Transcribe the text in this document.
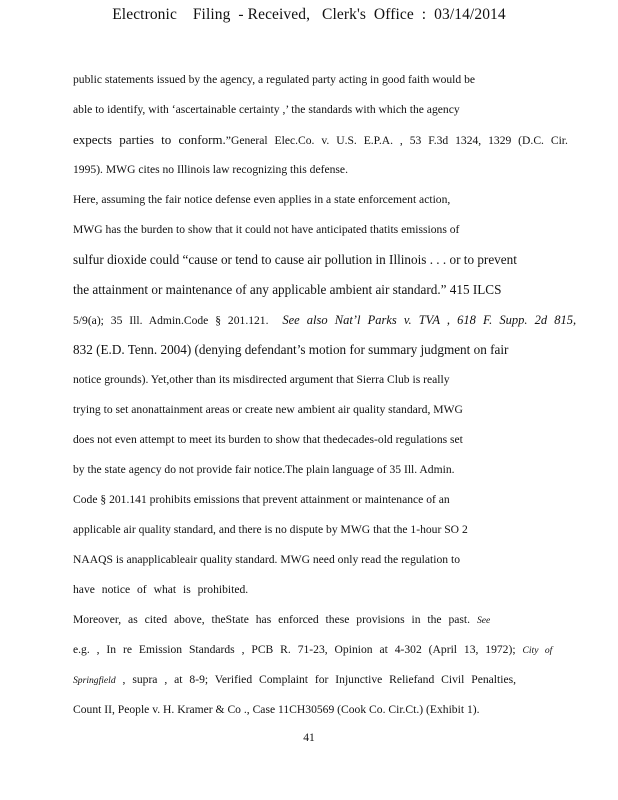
Electronic    Filing  - Received,   Clerk's  Office  :  03/14/2014
public statements issued by the agency, a regulated party acting in good faith would be
able to identify, with ‘ascertainable certainty ,’ the standards with which the agency
expects parties to conform. ”General Elec.Co. v. U.S. E.P.A. , 53 F.3d 1324, 1329 (D.C. Cir.
1995). MWG cites no Illinois law recognizing this defense.
Here, assuming the fair notice defense even applies in a state enforcement action,
MWG has the burden to show that it could not have anticipated thatits emissions of
sulfur dioxide could “cause or tend to cause air pollution in Illinois . . . or to prevent
the attainment or maintenance of any applicable ambient air standard.” 415 ILCS
5/9(a); 35 Ill. Admin.Code § 201.121.
See also Nat’l Parks v. TVA , 618 F. Supp. 2d 815,
832 (E.D. Tenn. 2004) (denying defendant’s motion for summary judgment on fair
notice grounds). Yet,other than its misdirected argument that Sierra Club is really
trying to set anonattainment areas or create new ambient air quality standard, MWG
does not even attempt to meet its burden to show that thedecades-old regulations set
by the state agency do not provide fair notice.The plain language of 35 Ill. Admin.
Code § 201.141 prohibits emissions that prevent attainment or maintenance of an
applicable air quality standard, and there is no dispute by MWG that the 1-hour SO 2
NAAQS is anapplicableair quality standard. MWG need only read the regulation to
have notice of what is prohibited.
Moreover, as cited above, theState has enforced these provisions in the past.
See
e.g. , In re Emission Standards , PCB R. 71-23, Opinion at 4-302 (April 13, 1972);
City of
Springfield
, supra , at 8-9; Verified Complaint for Injunctive Reliefand Civil Penalties,
Count II, People v. H. Kramer & Co ., Case 11CH30569 (Cook Co. Cir.Ct.) (Exhibit 1).
41
